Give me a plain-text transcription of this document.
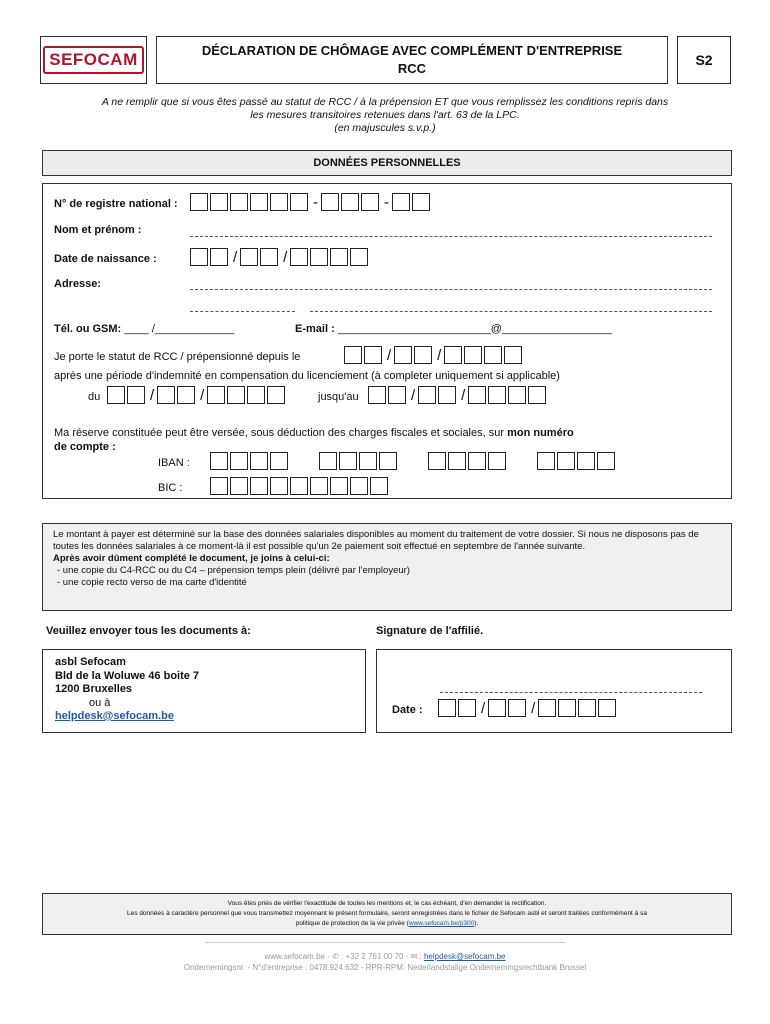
SEFOCAM	DÉCLARATION DE CHÔMAGE AVEC COMPLÉMENT D'ENTREPRISE
RCC
S2
A ne remplir que si vous êtes passé au statut de RCC / à la prépension ET que vous remplissez les conditions repris dans
les mesures transitoires retenues dans l'art. 63 de la LPC.
(en majuscules s.v.p.)
DONNÉES PERSONNELLES
N° de registre national :	-	-
Nom et prénom :
Date de naissance :	/	/
Adresse:
Tél. ou GSM: ____ /_____________	E-mail : _________________________@__________________
Je porte le statut de RCC / prépensionné depuis le	/	/
après une période d'indemnité en compensation du licenciement (à completer uniquement si applicable)
du	/	/	jusqu'au	/	/
Ma réserve constituée peut être versée, sous déduction des charges fiscales et sociales, sur mon numéro
de compte :
IBAN :

BIC :
Le montant à payer est déterminé sur la base des données salariales disponibles au moment du traitement de votre dossier. Si nous ne disposons pas de toutes les données salariales à ce moment-là il est possible qu'un 2e paiement soit effectué en septembre de l'année suivante.
Après avoir dûment complété le document, je joins à celui-ci:
- une copie du C4-RCC ou du C4 – prépension temps plein (délivré par l'employeur)
- une copie recto verso de ma carte d'identité
Veuillez envoyer tous les documents à:	Signature de l'affilié.
asbl Sefocam
Bld de la Woluwe 46 boite 7
1200 Bruxelles
ou à
helpdesk@sefocam.be	Date :	/	/
Vous êtes priés de vérifier l'exactitude de toutes les mentions et, le cas échéant, d'en demander la rectification.
Les données à caractère personnel que vous transmettez moyennant le présent formulaire, seront enregistrées dans le fichier de Sefocam asbl et seront traitées conformément à sa
politique de protection de la vie privée (www.sefocam.be/p300).
www.sefocam.be - ✆ : +32 2 761 00 70 - ✉ : helpdesk@sefocam.be
Ondernemingsnr. - N°d'entreprise : 0478.924.632 - RPR-RPM: Nederlandstalige Ondernemingsrechtbank Brussel
